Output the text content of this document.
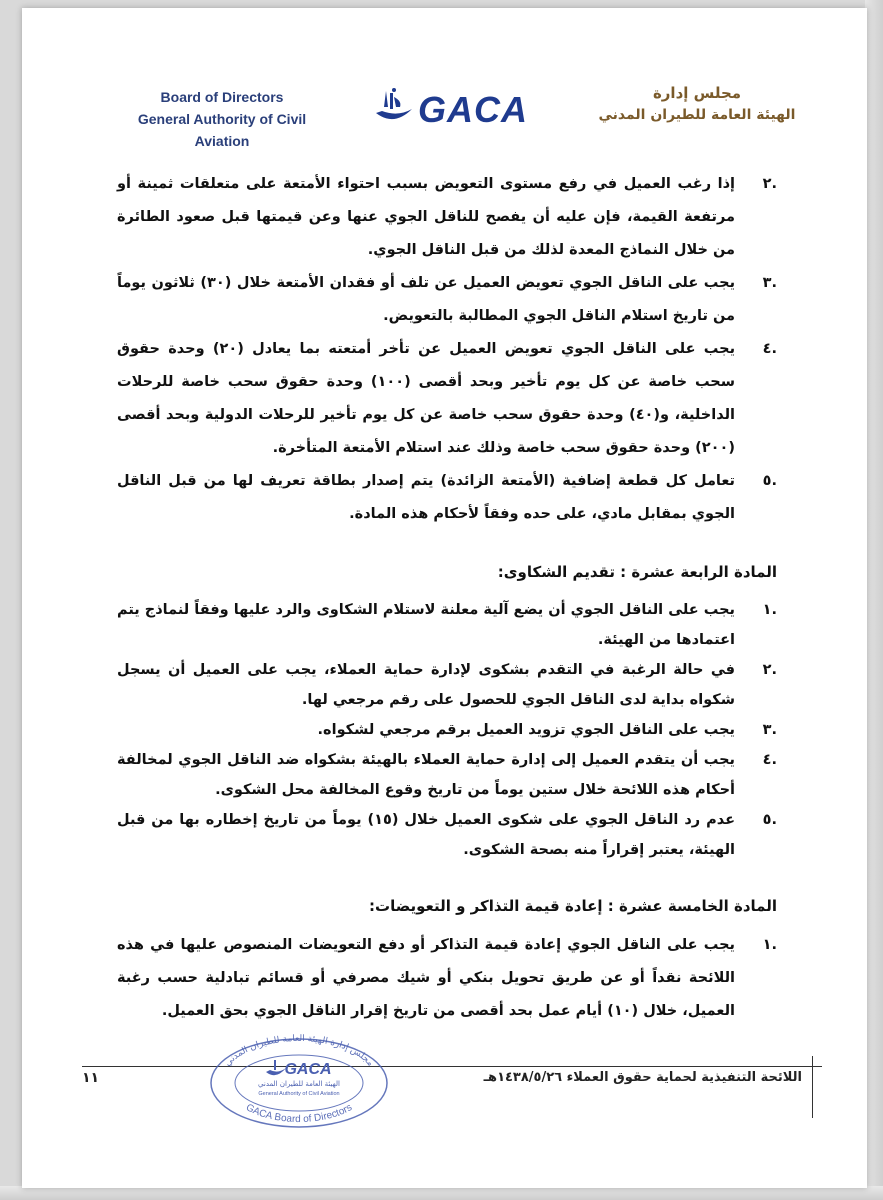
Board of Directors
General Authority of Civil Aviation
GACA	مجلس إدارة
الهيئة العامة للطيران المدني
.٢
إذا رغب العميل في رفع مستوى التعويض بسبب احتواء الأمتعة على متعلقات ثمينة أو مرتفعة القيمة، فإن عليه أن يفصح للناقل الجوي عنها وعن قيمتها قبل صعود الطائرة من خلال النماذج المعدة لذلك من قبل الناقل الجوي.
.٣
يجب على الناقل الجوي تعويض العميل عن تلف أو فقدان الأمتعة خلال (٣٠) ثلاثون يوماً من تاريخ استلام الناقل الجوي المطالبة بالتعويض.
.٤
يجب على الناقل الجوي تعويض العميل عن تأخر أمتعته بما يعادل (٢٠) وحدة حقوق سحب خاصة عن كل يوم تأخير وبحد أقصى (١٠٠) وحدة حقوق سحب خاصة للرحلات الداخلية، و(٤٠) وحدة حقوق سحب خاصة عن كل يوم تأخير للرحلات الدولية وبحد أقصى (٢٠٠) وحدة حقوق سحب خاصة وذلك عند استلام الأمتعة المتأخرة.
.٥
تعامل كل قطعة إضافية (الأمتعة الزائدة) يتم إصدار بطاقة تعريف لها من قبل الناقل الجوي بمقابل مادي، على حده وفقاً لأحكام هذه المادة.
المادة الرابعة عشرة : تقديم الشكاوى:
.١
يجب على الناقل الجوي أن يضع آلية معلنة لاستلام الشكاوى والرد عليها وفقاً لنماذج يتم اعتمادها من الهيئة.
.٢
في حالة الرغبة في التقدم بشكوى لإدارة حماية العملاء، يجب على العميل أن يسجل شكواه بداية لدى الناقل الجوي للحصول على رقم مرجعي لها.
.٣
يجب على الناقل الجوي تزويد العميل برقم مرجعي لشكواه.
.٤
يجب أن يتقدم العميل إلى إدارة حماية العملاء بالهيئة بشكواه ضد الناقل الجوي لمخالفة أحكام هذه اللائحة خلال ستين يوماً من تاريخ وقوع المخالفة محل الشكوى.
.٥
عدم رد الناقل الجوي على شكوى العميل خلال (١٥) يوماً من تاريخ إخطاره بها من قبل الهيئة، يعتبر إقراراً منه بصحة الشكوى.
المادة الخامسة عشرة : إعادة قيمة التذاكر و التعويضات:
.١
يجب على الناقل الجوي إعادة قيمة التذاكر أو دفع التعويضات المنصوص عليها في هذه اللائحة نقداً أو عن طريق تحويل بنكي أو شيك مصرفي أو قسائم تبادلية حسب رغبة العميل، خلال (١٠) أيام عمل بحد أقصى من تاريخ إقرار الناقل الجوي بحق العميل.
١١	اللائحة التنفيذية لحماية حقوق العملاء ١٤٣٨/٥/٢٦هـ
مجلس إدارة الهيئة العامة للطيران المدني
GACA
الهيئة العامة للطيران المدني
General Authority of Civil Aviation
GACA Board of Directors
